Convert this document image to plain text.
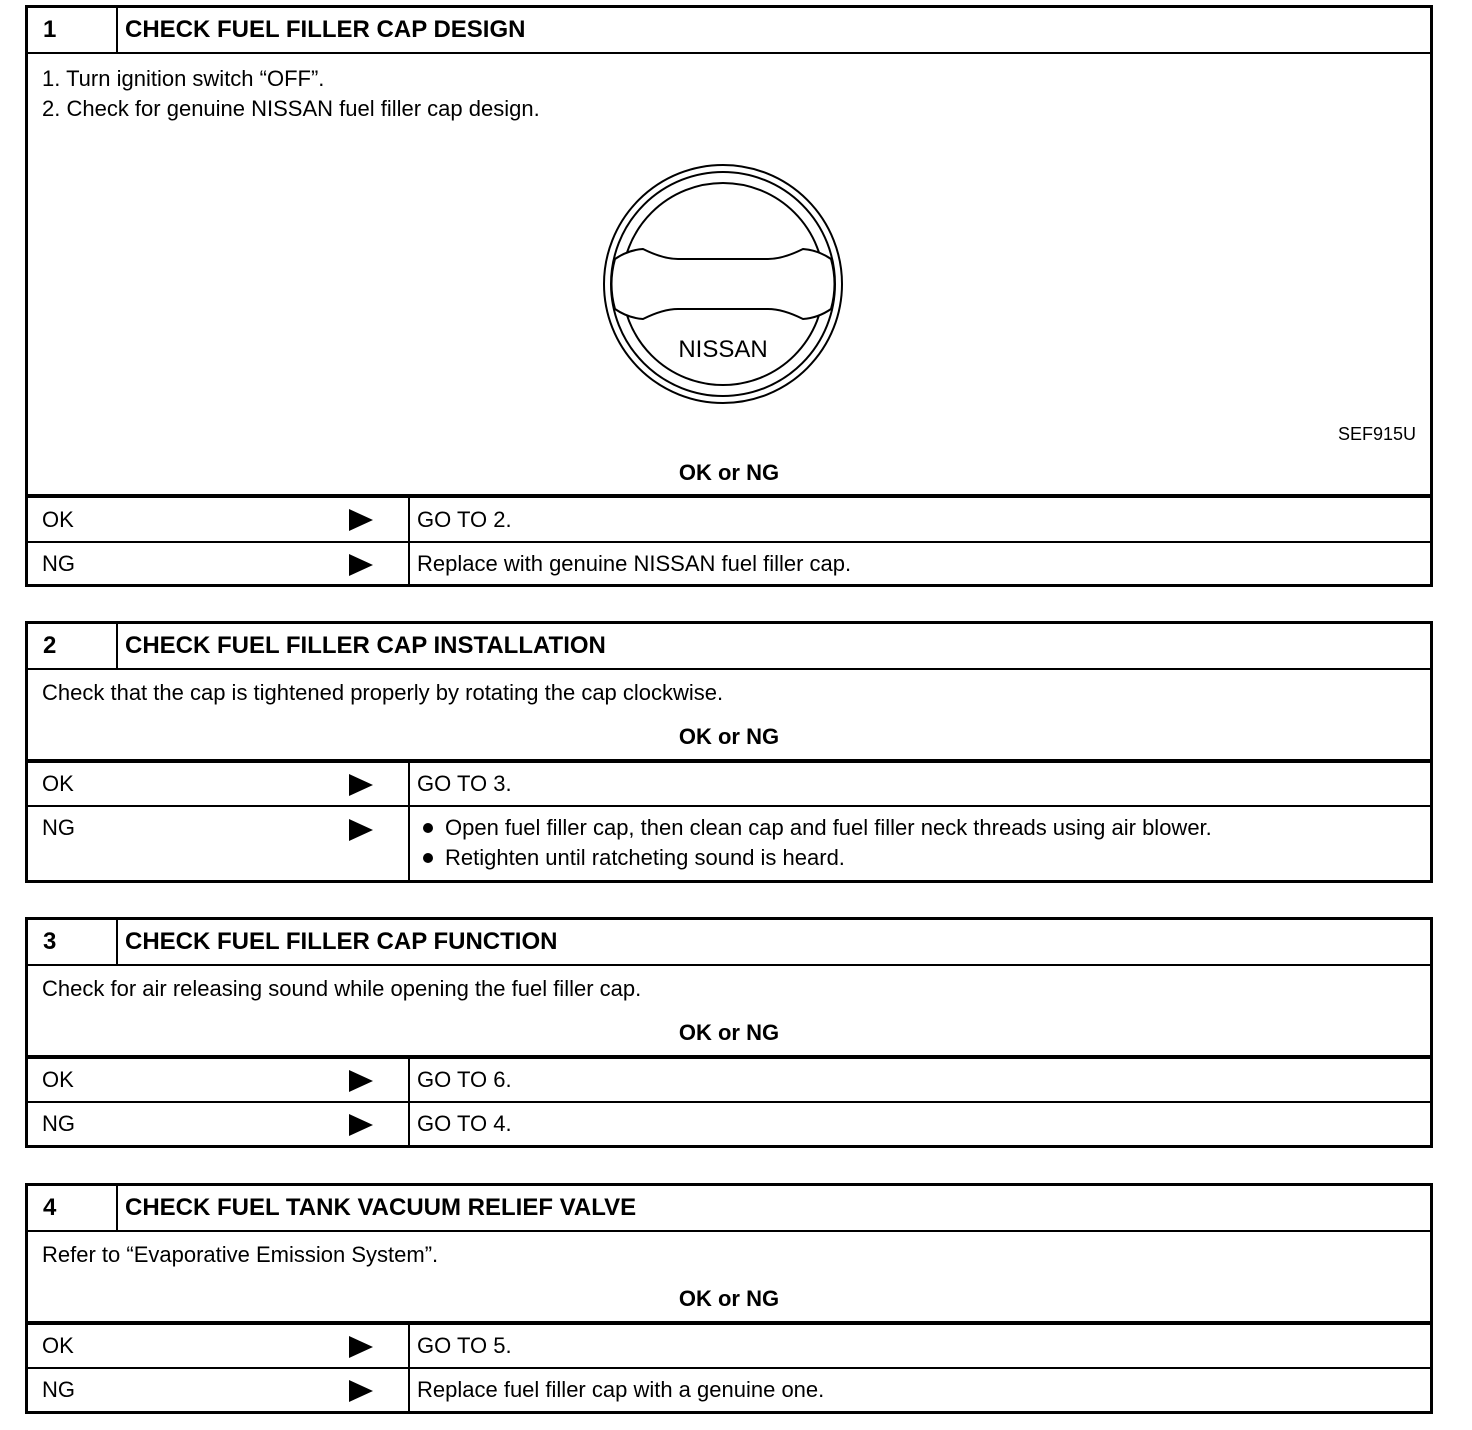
1	CHECK FUEL FILLER CAP DESIGN
1. Turn ignition switch “OFF”.
2. Check for genuine NISSAN fuel filler cap design.
NISSAN
SEF915U
OK or NG
OK	GO TO 2.
NG	Replace with genuine NISSAN fuel filler cap.
2	CHECK FUEL FILLER CAP INSTALLATION
Check that the cap is tightened properly by rotating the cap clockwise.
OK or NG
OK	GO TO 3.
NG	Open fuel filler cap, then clean cap and fuel filler neck threads using air blower.
Retighten until ratcheting sound is heard.
3	CHECK FUEL FILLER CAP FUNCTION
Check for air releasing sound while opening the fuel filler cap.
OK or NG
OK	GO TO 6.
NG	GO TO 4.
4	CHECK FUEL TANK VACUUM RELIEF VALVE
Refer to “Evaporative Emission System”.
OK or NG
OK	GO TO 5.
NG	Replace fuel filler cap with a genuine one.
